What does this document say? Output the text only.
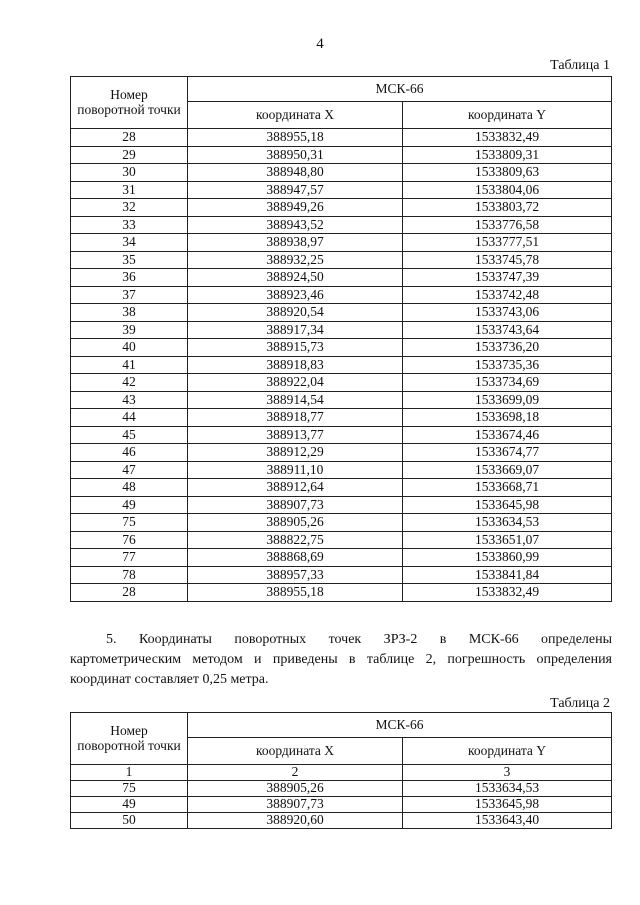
4
Таблица 1
Номер поворотной точки	МСК-66	
	координата X	координата Y
28	388955,18	1533832,49
29	388950,31	1533809,31
30	388948,80	1533809,63
31	388947,57	1533804,06
32	388949,26	1533803,72
33	388943,52	1533776,58
34	388938,97	1533777,51
35	388932,25	1533745,78
36	388924,50	1533747,39
37	388923,46	1533742,48
38	388920,54	1533743,06
39	388917,34	1533743,64
40	388915,73	1533736,20
41	388918,83	1533735,36
42	388922,04	1533734,69
43	388914,54	1533699,09
44	388918,77	1533698,18
45	388913,77	1533674,46
46	388912,29	1533674,77
47	388911,10	1533669,07
48	388912,64	1533668,71
49	388907,73	1533645,98
75	388905,26	1533634,53
76	388822,75	1533651,07
77	388868,69	1533860,99
78	388957,33	1533841,84
28	388955,18	1533832,49
5. Координаты поворотных точек ЗРЗ-2 в МСК-66 определены
картометрическим методом и приведены в таблице 2, погрешность определения координат составляет 0,25 метра.
Таблица 2
Номер поворотной точки	МСК-66	
	координата X	координата Y
1	2	3
75	388905,26	1533634,53
49	388907,73	1533645,98
50	388920,60	1533643,40
